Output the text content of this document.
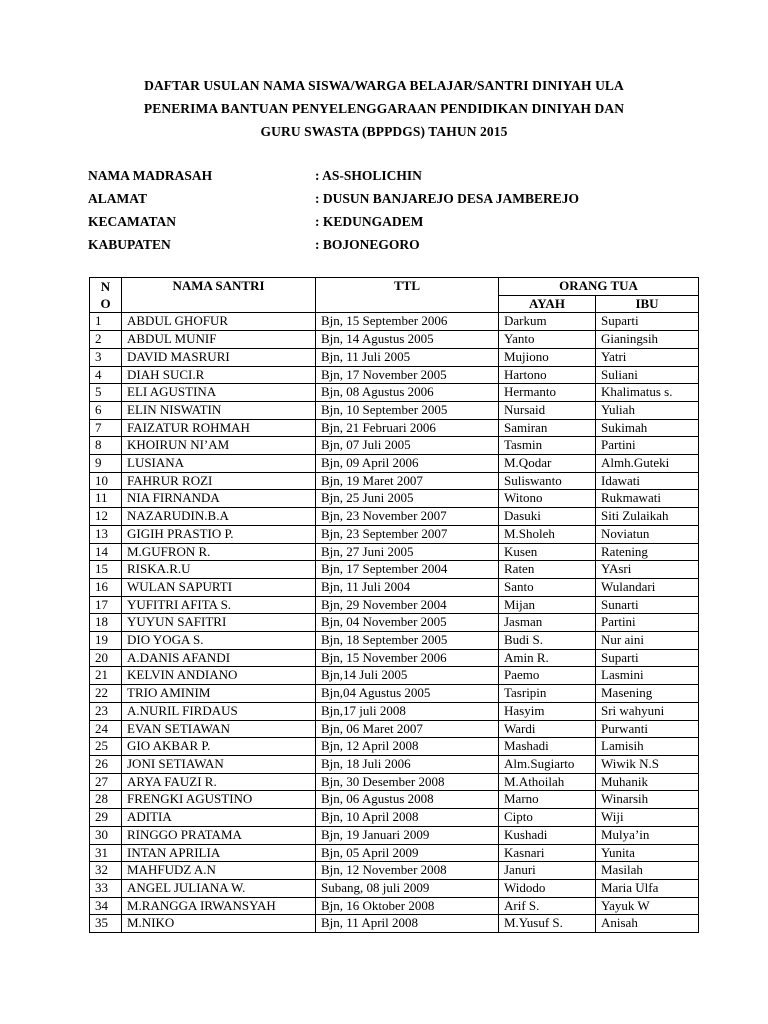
DAFTAR USULAN NAMA SISWA/WARGA BELAJAR/SANTRI DINIYAH ULA
PENERIMA BANTUAN PENYELENGGARAAN PENDIDIKAN DINIYAH DAN
GURU SWASTA (BPPDGS) TAHUN 2015
NAMA MADRASAH	: AS-SHOLICHIN
ALAMAT	: DUSUN BANJAREJO DESA JAMBEREJO
KECAMATAN	: KEDUNGADEM
KABUPATEN	: BOJONEGORO
N
O	NAMA SANTRI	TTL	ORANG TUA	
			AYAH	IBU
1	ABDUL GHOFUR	Bjn, 15 September 2006	Darkum	Suparti
2	ABDUL MUNIF	Bjn, 14 Agustus 2005	Yanto	Gianingsih
3	DAVID MASRURI	Bjn, 11 Juli 2005	Mujiono	Yatri
4	DIAH SUCI.R	Bjn, 17 November 2005	Hartono	Suliani
5	ELI AGUSTINA	Bjn, 08 Agustus 2006	Hermanto	Khalimatus s.
6	ELIN NISWATIN	Bjn, 10 September 2005	Nursaid	Yuliah
7	FAIZATUR ROHMAH	Bjn, 21 Februari 2006	Samiran	Sukimah
8	KHOIRUN NI’AM	Bjn, 07 Juli 2005	Tasmin	Partini
9	LUSIANA	Bjn, 09 April 2006	M.Qodar	Almh.Guteki
10	FAHRUR ROZI	Bjn, 19 Maret 2007	Suliswanto	Idawati
11	NIA FIRNANDA	Bjn, 25 Juni 2005	Witono	Rukmawati
12	NAZARUDIN.B.A	Bjn, 23 November 2007	Dasuki	Siti Zulaikah
13	GIGIH PRASTIO P.	Bjn, 23 September 2007	M.Sholeh	Noviatun
14	M.GUFRON R.	Bjn, 27 Juni 2005	Kusen	Ratening
15	RISKA.R.U	Bjn, 17 September 2004	Raten	YAsri
16	WULAN SAPURTI	Bjn, 11 Juli 2004	Santo	Wulandari
17	YUFITRI AFITA S.	Bjn, 29 November 2004	Mijan	Sunarti
18	YUYUN SAFITRI	Bjn, 04 November 2005	Jasman	Partini
19	DIO YOGA S.	Bjn, 18 September 2005	Budi S.	Nur aini
20	A.DANIS AFANDI	Bjn, 15 November 2006	Amin R.	Suparti
21	KELVIN ANDIANO	Bjn,14 Juli 2005	Paemo	Lasmini
22	TRIO AMINIM	Bjn,04 Agustus 2005	Tasripin	Masening
23	A.NURIL FIRDAUS	Bjn,17 juli 2008	Hasyim	Sri wahyuni
24	EVAN SETIAWAN	Bjn, 06 Maret 2007	Wardi	Purwanti
25	GIO AKBAR P.	Bjn, 12 April 2008	Mashadi	Lamisih
26	JONI SETIAWAN	Bjn, 18 Juli 2006	Alm.Sugiarto	Wiwik N.S
27	ARYA FAUZI R.	Bjn, 30 Desember 2008	M.Athoilah	Muhanik
28	FRENGKI AGUSTINO	Bjn, 06 Agustus 2008	Marno	Winarsih
29	ADITIA	Bjn, 10 April 2008	Cipto	Wiji
30	RINGGO PRATAMA	Bjn, 19 Januari 2009	Kushadi	Mulya’in
31	INTAN APRILIA	Bjn, 05 April 2009	Kasnari	Yunita
32	MAHFUDZ A.N	Bjn, 12 November 2008	Januri	Masilah
33	ANGEL JULIANA W.	Subang, 08 juli 2009	Widodo	Maria Ulfa
34	M.RANGGA IRWANSYAH	Bjn, 16 Oktober 2008	Arif S.	Yayuk W
35	M.NIKO	Bjn, 11 April 2008	M.Yusuf S.	Anisah
